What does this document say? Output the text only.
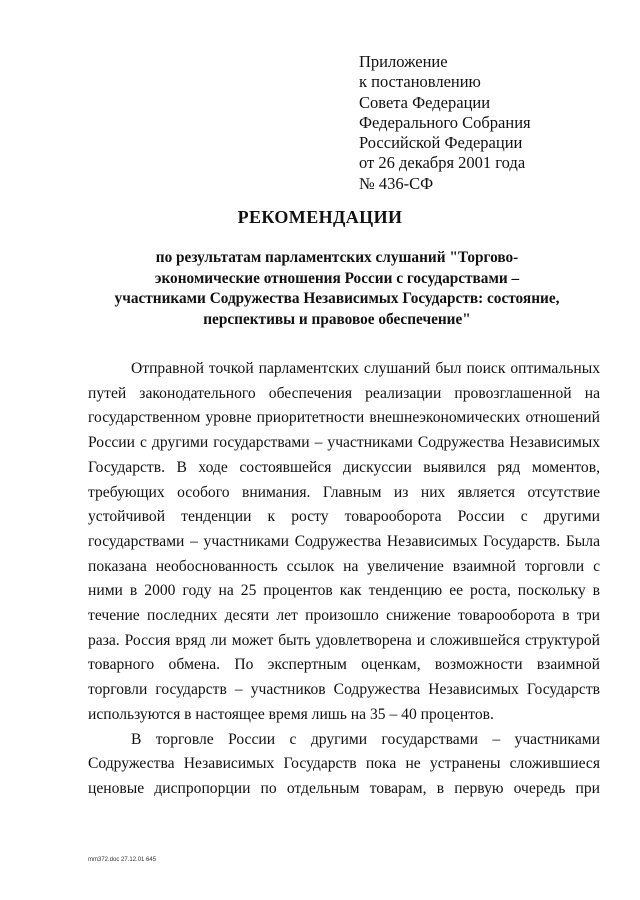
Приложение
к постановлению
Совета Федерации
Федерального Собрания
Российской Федерации
от 26 декабря 2001 года
№ 436-СФ
РЕКОМЕНДАЦИИ
по результатам парламентских слушаний "Торгово-
экономические отношения России с государствами –
участниками Содружества Независимых Государств: состояние,
перспективы и правовое обеспечение"

Отправной точкой парламентских слушаний был поиск оптимальных путей законодательного обеспечения реализации провозглашенной на государственном уровне приоритетности внешнеэкономических отношений России с другими государствами – участниками Содружества Независимых Государств. В ходе состоявшейся дискуссии выявился ряд моментов, требующих особого внимания. Главным из них является отсутствие устойчивой тенденции к росту товарооборота России с другими государствами – участниками Содружества Независимых Государств. Была показана необоснованность ссылок на увеличение взаимной торговли с ними в 2000 году на 25 процентов как тенденцию ее роста, поскольку в течение последних десяти лет произошло снижение товарооборота в три раза. Россия вряд ли может быть удовлетворена и сложившейся структурой товарного обмена. По экспертным оценкам, возможности взаимной торговли государств – участников Содружества Независимых Государств используются в настоящее время лишь на 35 – 40 процентов.

В торговле России с другими государствами – участниками Содружества Независимых Государств пока не устранены сложившиеся ценовые диспропорции по отдельным товарам, в первую очередь при

mm372.doc 27.12.01 645
